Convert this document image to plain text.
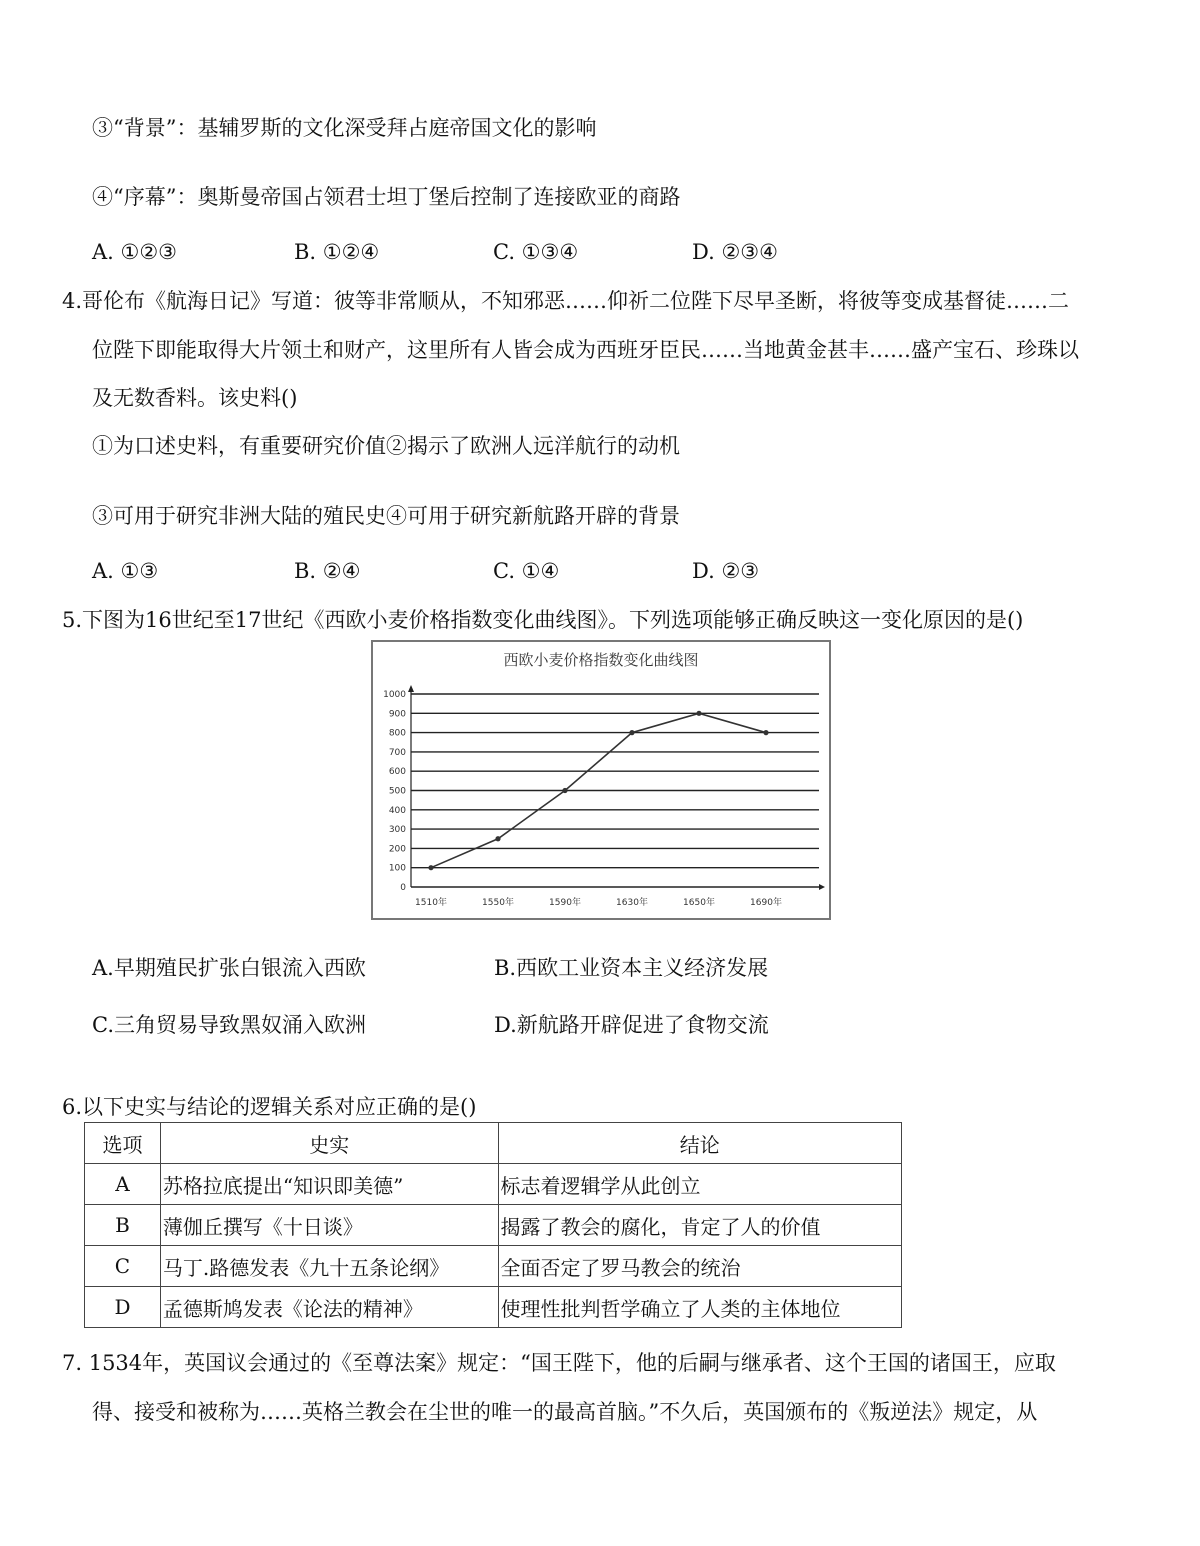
③“背景”：基辅罗斯的文化深受拜占庭帝国文化的影响
④“序幕”：奥斯曼帝国占领君士坦丁堡后控制了连接欧亚的商路
A. ①②③	B. ①②④	C. ①③④	D. ②③④
4.哥伦布《航海日记》写道：彼等非常顺从，不知邪恶……仰祈二位陛下尽早圣断，将彼等变成基督徒……二
位陛下即能取得大片领土和财产，这里所有人皆会成为西班牙臣民……当地黄金甚丰……盛产宝石、珍珠以
及无数香料。该史料()
①为口述史料，有重要研究价值②揭示了欧洲人远洋航行的动机
③可用于研究非洲大陆的殖民史④可用于研究新航路开辟的背景
A. ①③	B. ②④	C. ①④	D. ②③
5.下图为16世纪至17世纪《西欧小麦价格指数变化曲线图》。下列选项能够正确反映这一变化原因的是()
西欧小麦价格指数变化曲线图
0
100
200
300
400
500
600
700
800
900
1000
1510年	1550年	1590年	1630年	1650年	1690年
A.早期殖民扩张白银流入西欧	B.西欧工业资本主义经济发展
C.三角贸易导致黑奴涌入欧洲	D.新航路开辟促进了食物交流
6.以下史实与结论的逻辑关系对应正确的是()
选项	史实	结论
A	苏格拉底提出“知识即美德”	标志着逻辑学从此创立
B	薄伽丘撰写《十日谈》	揭露了教会的腐化，肯定了人的价值
C	马丁.路德发表《九十五条论纲》	全面否定了罗马教会的统治
D	孟德斯鸠发表《论法的精神》	使理性批判哲学确立了人类的主体地位
7. 1534年，英国议会通过的《至尊法案》规定：“国王陛下，他的后嗣与继承者、这个王国的诸国王，应取
得、接受和被称为……英格兰教会在尘世的唯一的最高首脑。”不久后，英国颁布的《叛逆法》规定，从
